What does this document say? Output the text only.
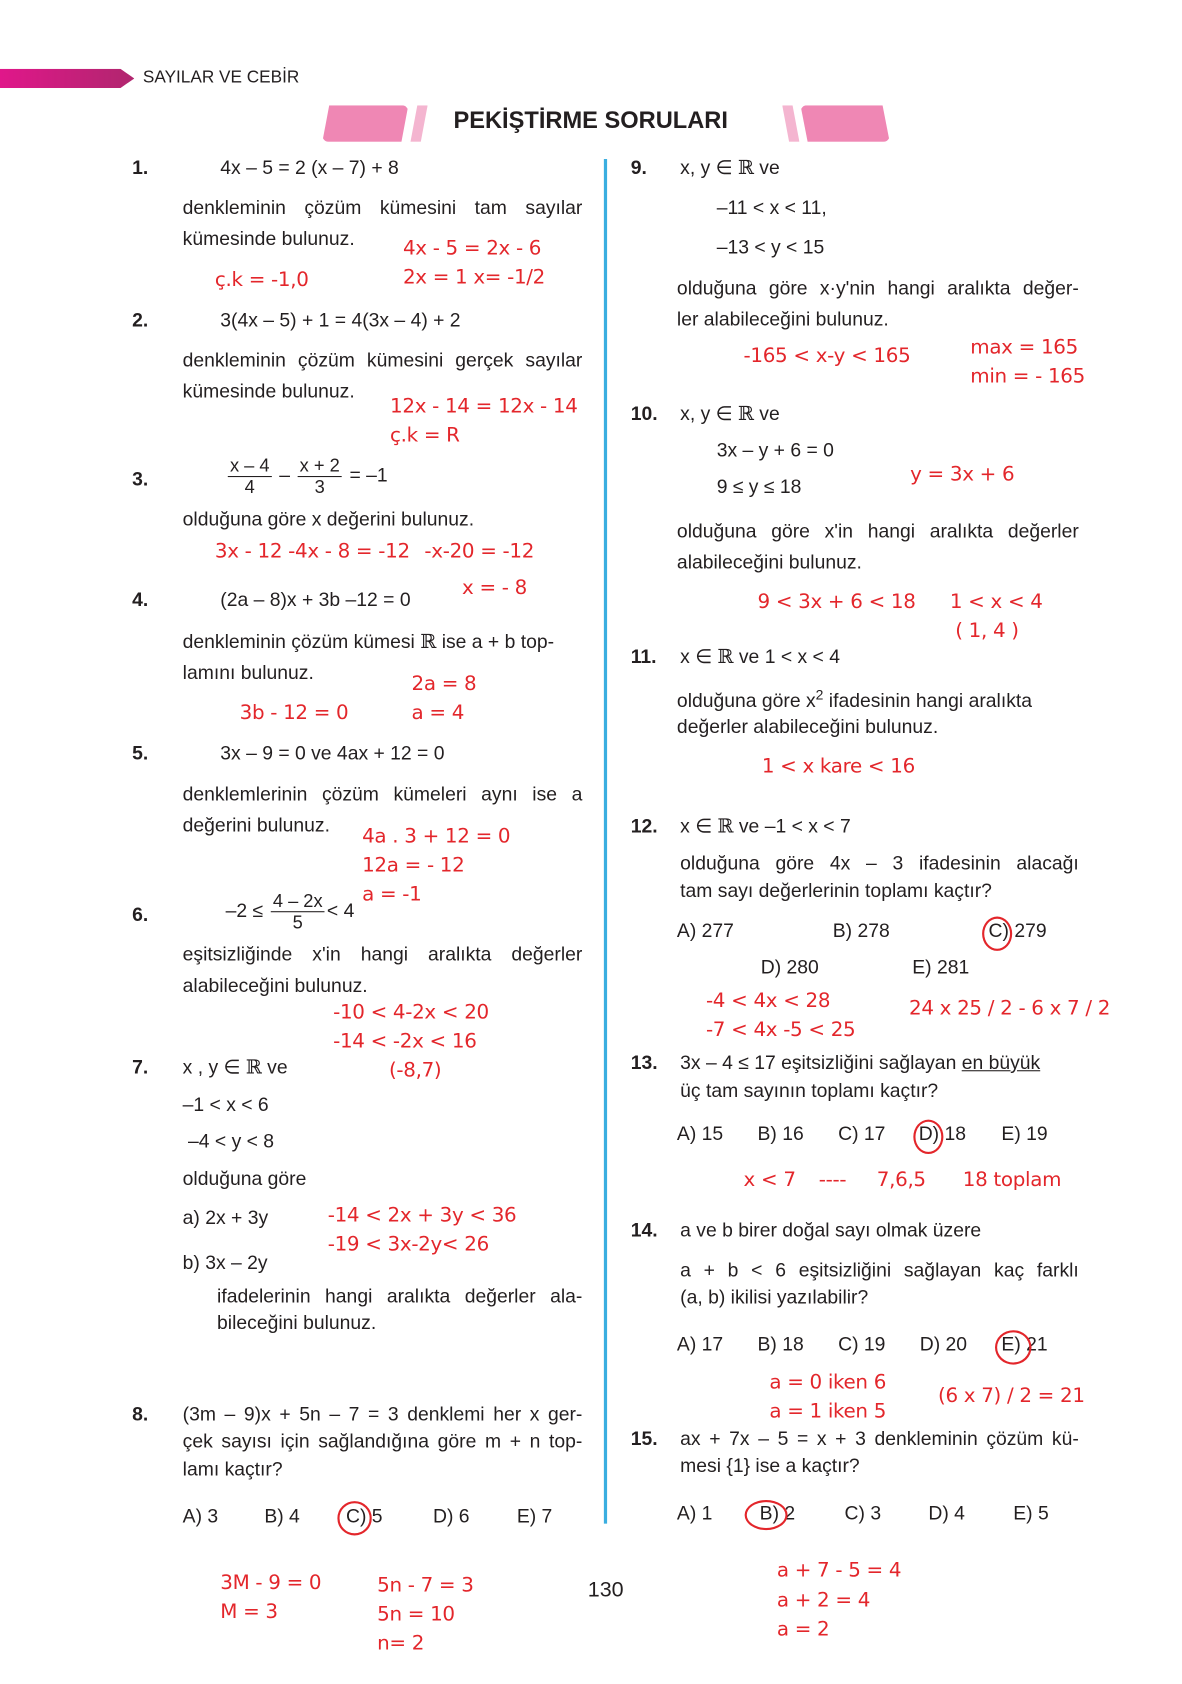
SAYILAR VE CEBİR
PEKİŞTİRME SORULARI
1.	4x – 5 = 2 (x – 7) + 8
denkleminin çözüm kümesini tam sayılar
kümesinde bulunuz.	4x - 5 = 2x - 6
2x = 1 x= -1/2
ç.k = -1,0
2.	3(4x – 5) + 1 = 4(3x – 4) + 2
denkleminin çözüm kümesini gerçek sayılar
kümesinde bulunuz.
12x - 14 = 12x - 14
ç.k = R
3.	$\frac{x - 4}{4} - \frac{x + 2}{3} = -1$
olduğuna göre x değerini bulunuz.
3x - 12 -4x - 8 = -12 -x-20 = -12
x = - 8
4.	(2a – 8)x + 3b –12 = 0
denkleminin çözüm kümesi ℝ ise a + b top-
lamını bulunuz.	2a = 8
a = 4
3b - 12 = 0
5.	3x – 9 = 0 ve 4ax + 12 = 0
denklemlerinin çözüm kümeleri aynı ise a
değerini bulunuz. 4a . 3 + 12 = 0
12a = - 12
a = -1
6.	$-2 \le \frac{4 - 2x}{5} < 4$
eşitsizliğinde x'in hangi aralıkta değerler
alabileceğini bulunuz.
-10 < 4-2x < 20
-14 < -2x < 16
(-8,7)
7. x , y ∈ ℝ ve
–1 < x < 6
–4 < y < 8
olduğuna göre
a) 2x + 3y
b) 3x – 2y
-14 < 2x + 3y < 36
-19 < 3x-2y< 26
ifadelerinin hangi aralıkta değerler ala-
bileceğini bulunuz.
8. (3m – 9)x + 5n – 7 = 3 denklemi her x ger-
çek sayısı için sağlandığına göre m + n top-
lamı kaçtır?
A) 3	B) 4	C) 5	D) 6	E) 7
3M - 9 = 0
M = 3
5n - 7 = 3
5n = 10
n= 2
130
9. x, y ∈ ℝ ve
–11 < x < 11,
–13 < y < 15
olduğuna göre x·y'nin hangi aralıkta değer-
ler alabileceğini bulunuz.
-165 < x-y < 165	max = 165
min = - 165
10. x, y ∈ ℝ ve
3x – y + 6 = 0
9 ≤ y ≤ 18
y = 3x + 6
olduğuna göre x'in hangi aralıkta değerler
alabileceğini bulunuz.
9 < 3x + 6 < 18 1 < x < 4
( 1, 4 )
11. x ∈ ℝ ve 1 < x < 4
olduğuna göre $x^2$ ifadesinin hangi aralıkta
değerler alabileceğini bulunuz.
1 < x kare < 16
12. x ∈ ℝ ve –1 < x < 7
olduğuna göre 4x – 3 ifadesinin alacağı
tam sayı değerlerinin toplamı kaçtır?
A) 277	B) 278	C) 279
D) 280	E) 281
-4 < 4x < 28
-7 < 4x -5 < 25
24 x 25 / 2 - 6 x 7 / 2
13. 3x – 4 ≤ 17 eşitsizliğini sağlayan en büyük
üç tam sayının toplamı kaçtır?
A) 15 B) 16 C) 17 D) 18 E) 19
x < 7 ---- 7,6,5 18 toplam
14. a ve b birer doğal sayı olmak üzere
a + b < 6 eşitsizliğini sağlayan kaç farklı
(a, b) ikilisi yazılabilir?
A) 17 B) 18 C) 19 D) 20 E) 21
a = 0 iken 6
a = 1 iken 5
(6 x 7) / 2 = 21
15. ax + 7x – 5 = x + 3 denkleminin çözüm kü-
mesi {1} ise a kaçtır?
A) 1	B) 2	C) 3	D) 4	E) 5
a + 7 - 5 = 4
a + 2 = 4
a = 2
